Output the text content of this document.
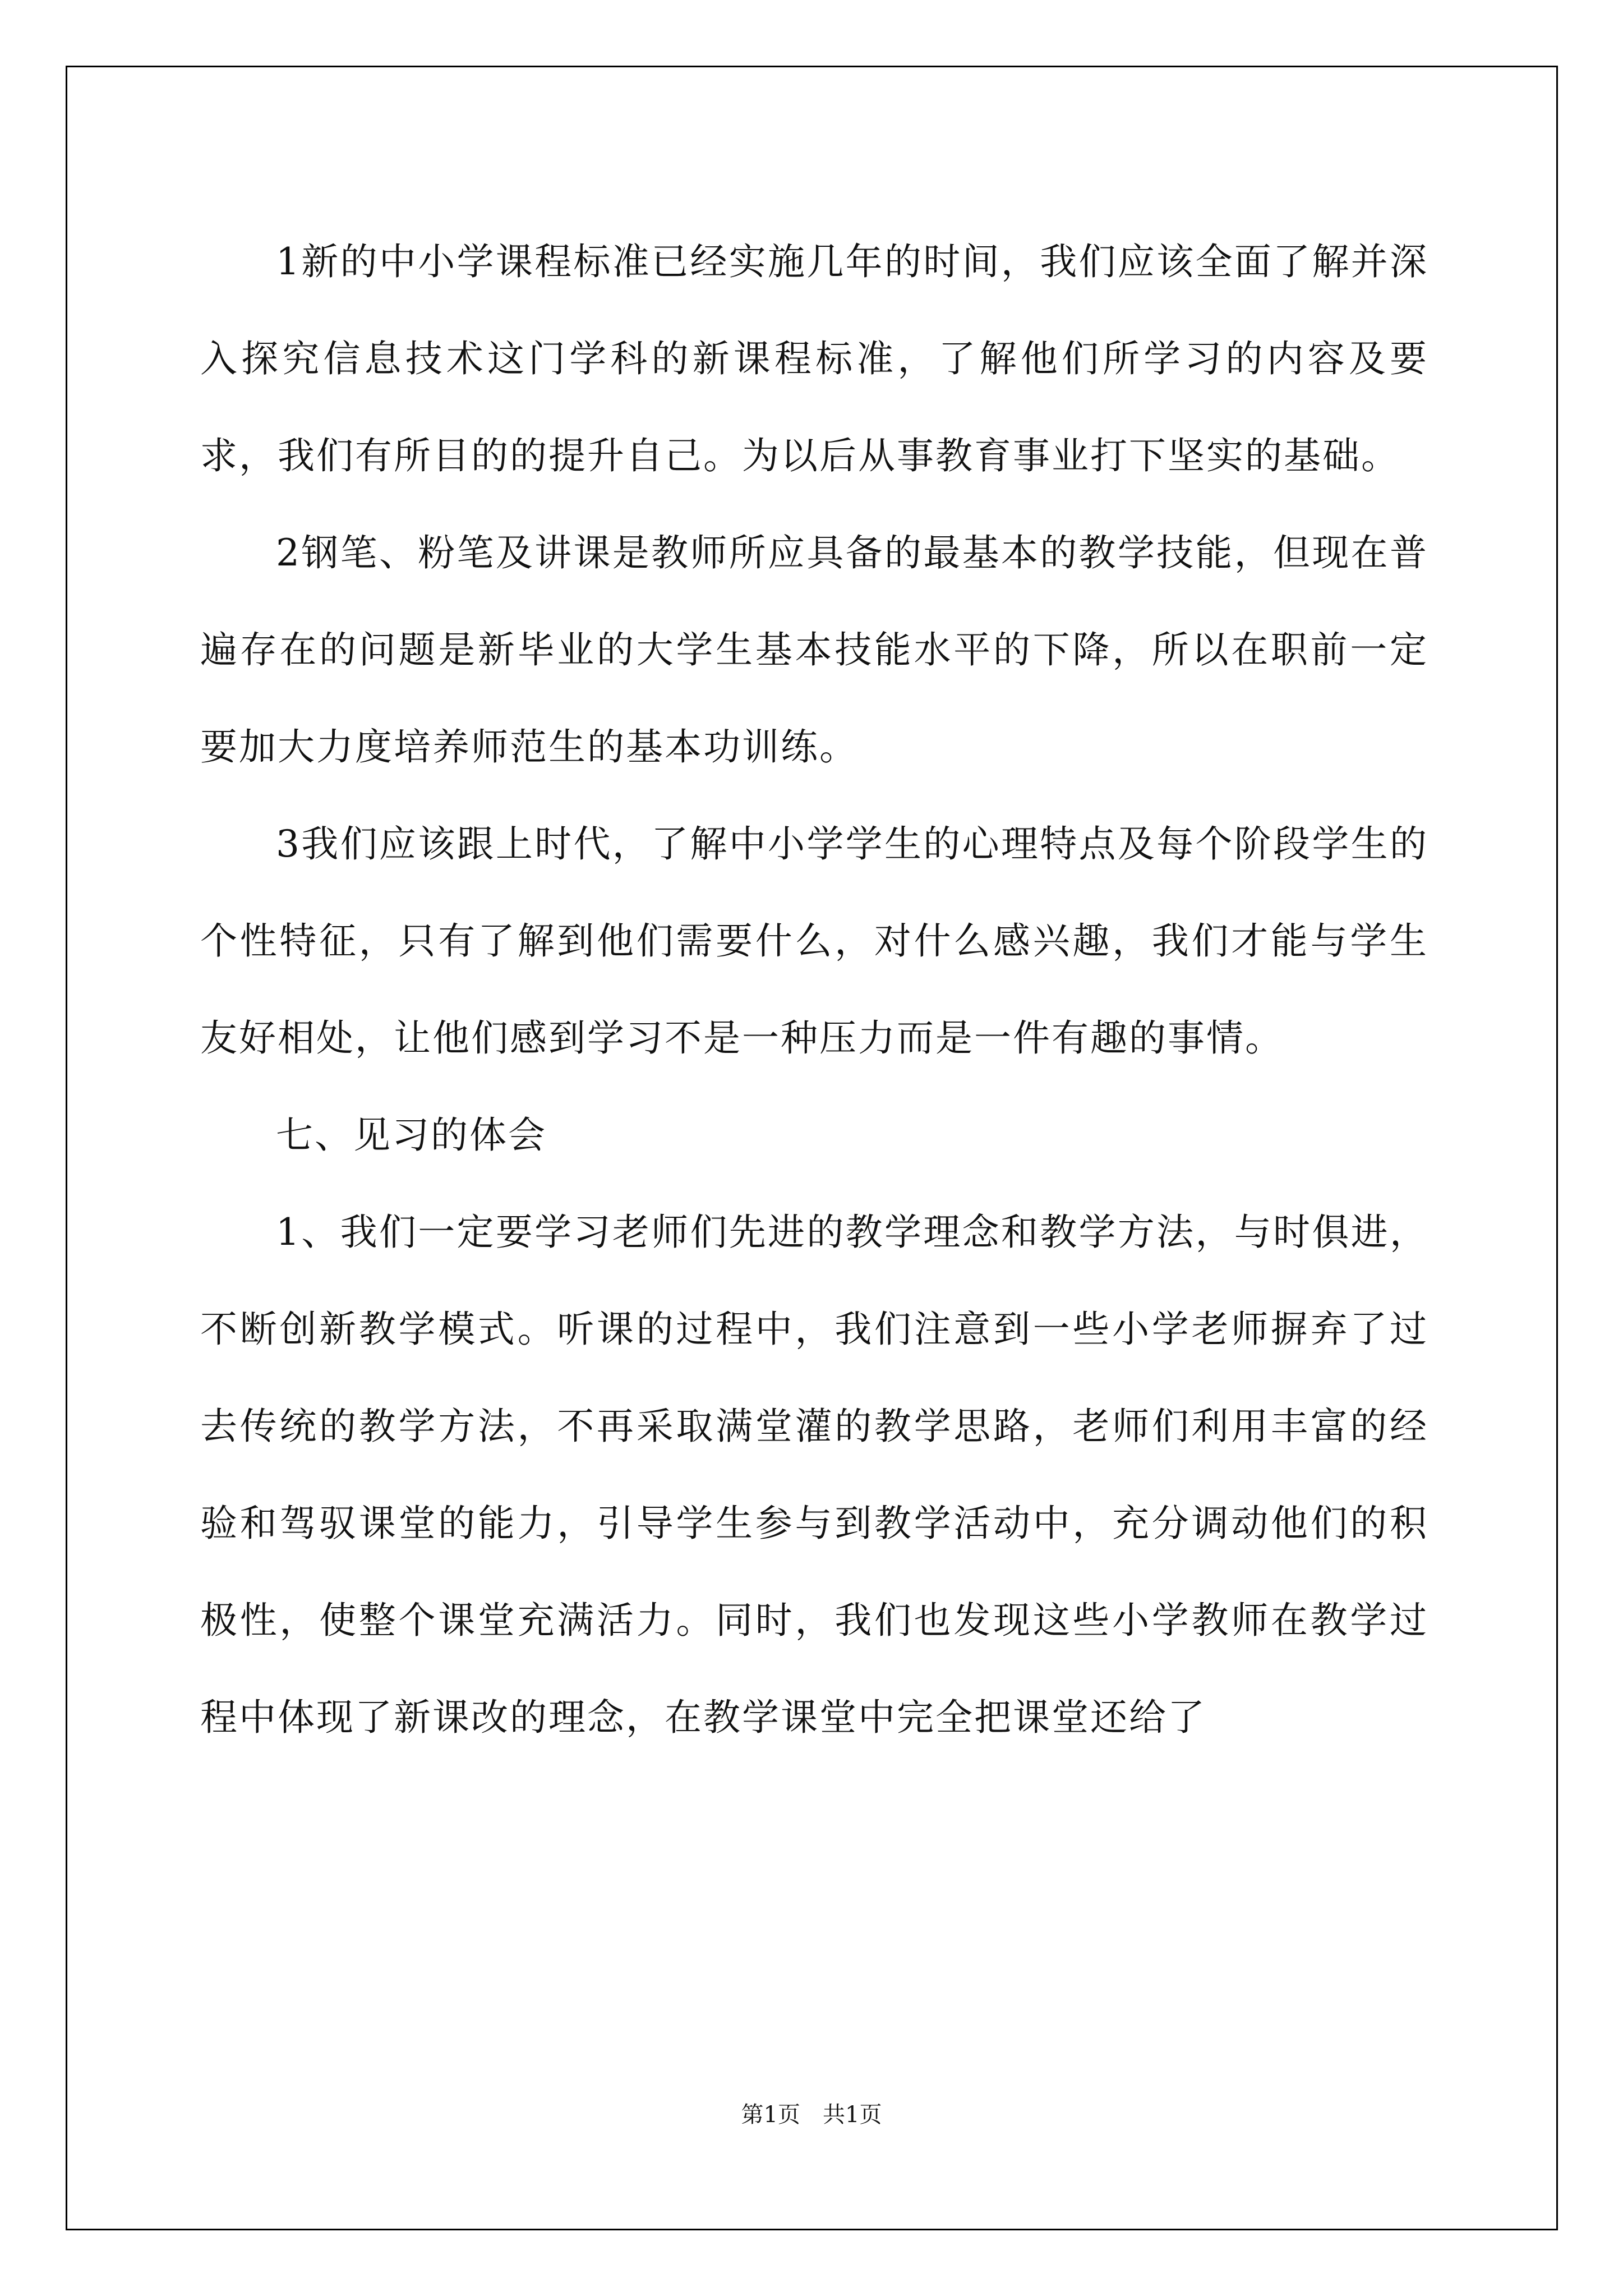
1新的中小学课程标准已经实施几年的时间，我们应该全面了解并深入探究信息技术这门学科的新课程标准，了解他们所学习的内容及要求，我们有所目的的提升自己。为以后从事教育事业打下坚实的基础。

2钢笔、粉笔及讲课是教师所应具备的最基本的教学技能，但现在普遍存在的问题是新毕业的大学生基本技能水平的下降，所以在职前一定要加大力度培养师范生的基本功训练。

3我们应该跟上时代，了解中小学学生的心理特点及每个阶段学生的个性特征，只有了解到他们需要什么，对什么感兴趣，我们才能与学生友好相处，让他们感到学习不是一种压力而是一件有趣的事情。

七、见习的体会

1、我们一定要学习老师们先进的教学理念和教学方法，与时俱进，不断创新教学模式。听课的过程中，我们注意到一些小学老师摒弃了过去传统的教学方法，不再采取满堂灌的教学思路，老师们利用丰富的经验和驾驭课堂的能力，引导学生参与到教学活动中，充分调动他们的积极性，使整个课堂充满活力。同时，我们也发现这些小学教师在教学过程中体现了新课改的理念，在教学课堂中完全把课堂还给了

第1页 共1页
